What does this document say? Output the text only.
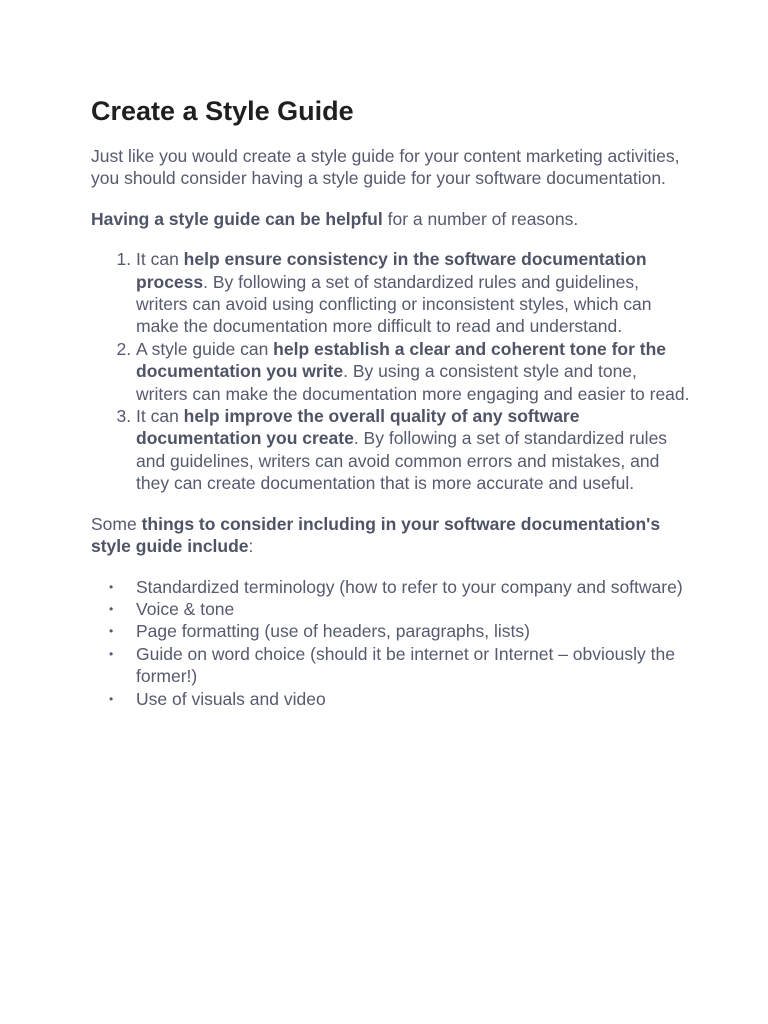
Create a Style Guide

Just like you would create a style guide for your content marketing activities, you should consider having a style guide for your software documentation.

Having a style guide can be helpful for a number of reasons.

1. It can help ensure consistency in the software documentation process. By following a set of standardized rules and guidelines, writers can avoid using conflicting or inconsistent styles, which can make the documentation more difficult to read and understand.
2. A style guide can help establish a clear and coherent tone for the documentation you write. By using a consistent style and tone, writers can make the documentation more engaging and easier to read.
3. It can help improve the overall quality of any software documentation you create. By following a set of standardized rules and guidelines, writers can avoid common errors and mistakes, and they can create documentation that is more accurate and useful.

Some things to consider including in your software documentation's style guide include:

• Standardized terminology (how to refer to your company and software)
• Voice & tone
• Page formatting (use of headers, paragraphs, lists)
• Guide on word choice (should it be internet or Internet – obviously the former!)
• Use of visuals and video
